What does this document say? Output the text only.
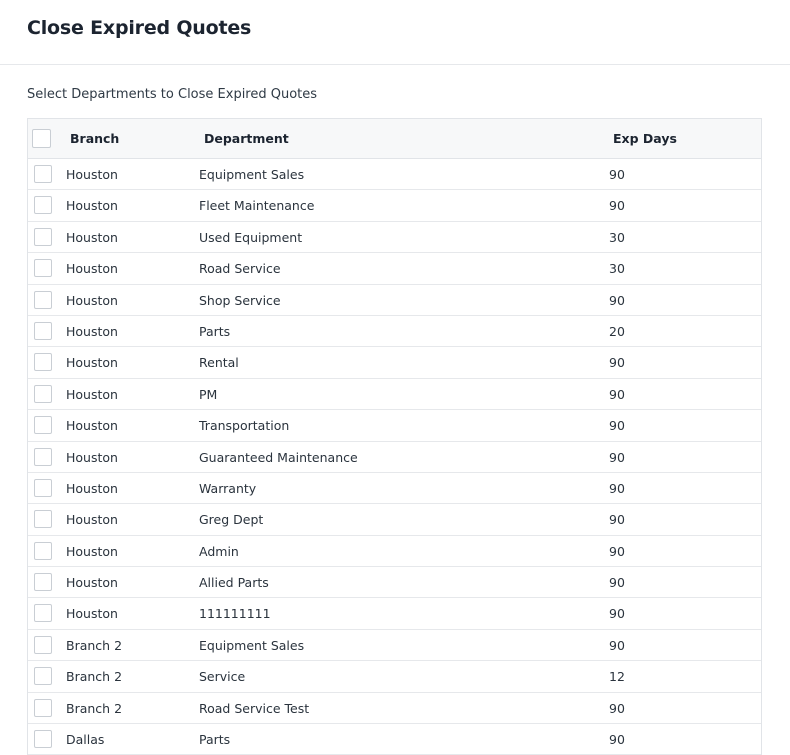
Close Expired Quotes
Select Departments to Close Expired Quotes
Branch	Department	Exp Days
Houston	Equipment Sales	90
Houston	Fleet Maintenance	90
Houston	Used Equipment	30
Houston	Road Service	30
Houston	Shop Service	90
Houston	Parts	20
Houston	Rental	90
Houston	PM	90
Houston	Transportation	90
Houston	Guaranteed Maintenance	90
Houston	Warranty	90
Houston	Greg Dept	90
Houston	Admin	90
Houston	Allied Parts	90
Houston	111111111	90
Branch 2	Equipment Sales	90
Branch 2	Service	12
Branch 2	Road Service Test	90
Dallas	Parts	90
